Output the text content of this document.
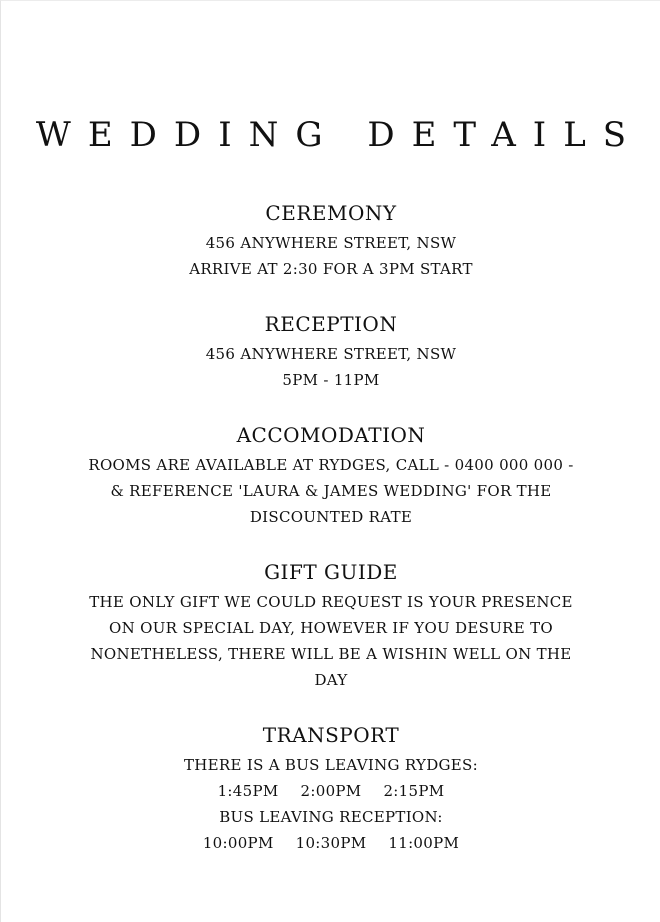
WEDDING DETAILS
CEREMONY
456 ANYWHERE STREET, NSW
ARRIVE AT 2:30 FOR A 3PM START
RECEPTION
456 ANYWHERE STREET, NSW
5PM - 11PM
ACCOMODATION
ROOMS ARE AVAILABLE AT RYDGES, CALL - 0400 000 000 -
& REFERENCE 'LAURA & JAMES WEDDING' FOR THE
DISCOUNTED RATE
GIFT GUIDE
THE ONLY GIFT WE COULD REQUEST IS YOUR PRESENCE
ON OUR SPECIAL DAY, HOWEVER IF YOU DESURE TO
NONETHELESS, THERE WILL BE A WISHIN WELL ON THE
DAY
TRANSPORT
THERE IS A BUS LEAVING RYDGES:
1:45PM 2:00PM 2:15PM
BUS LEAVING RECEPTION:
10:00PM 10:30PM 11:00PM
